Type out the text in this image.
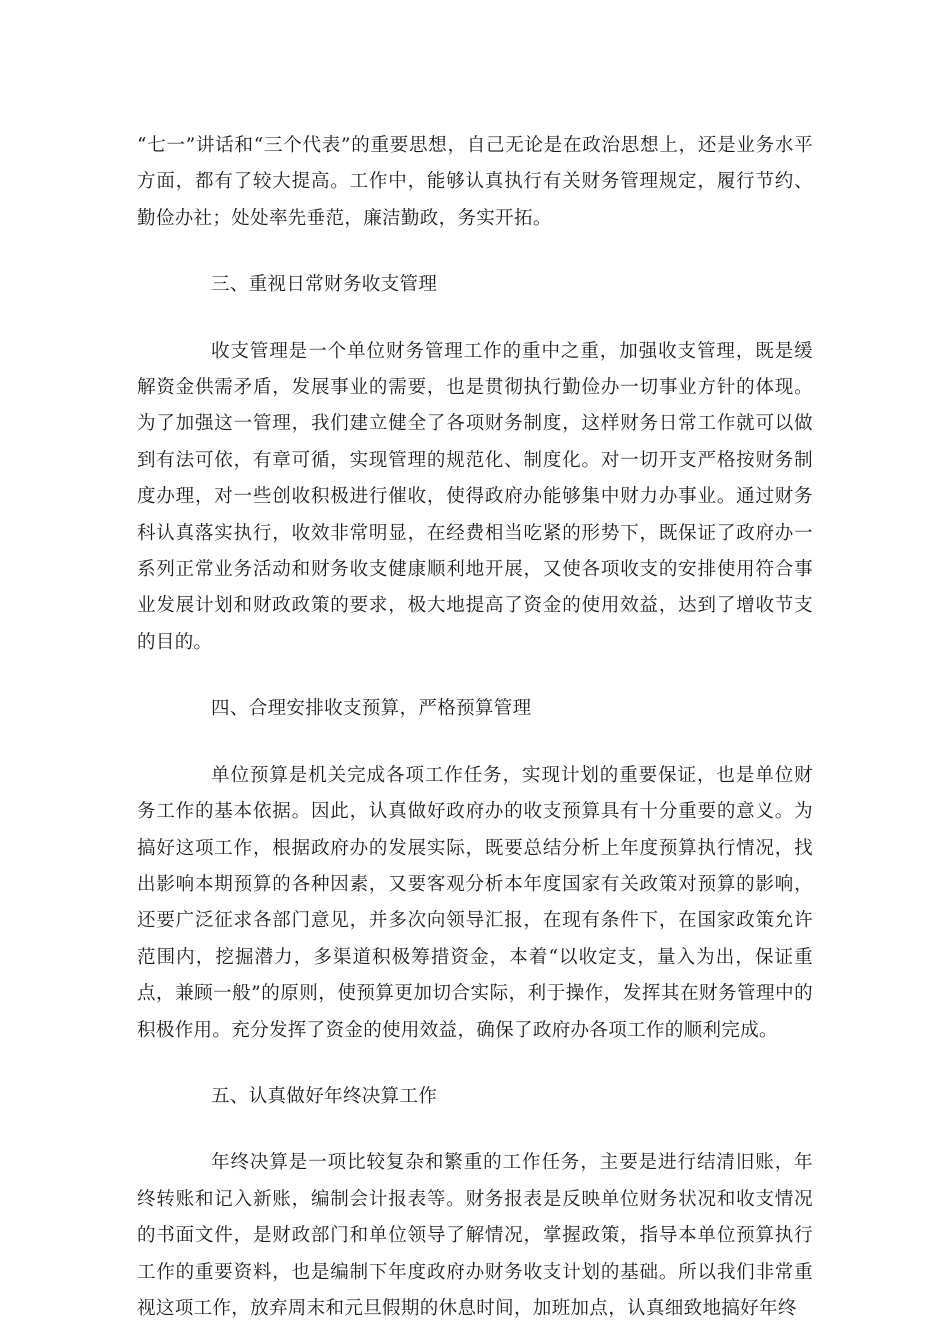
“七一”讲话和“三个代表”的重要思想，自己无论是在政治思想上，还是业务水平方面，都有了较大提高。工作中，能够认真执行有关财务管理规定，履行节约、勤俭办社；处处率先垂范，廉洁勤政，务实开拓。

三、重视日常财务收支管理

收支管理是一个单位财务管理工作的重中之重，加强收支管理，既是缓解资金供需矛盾，发展事业的需要，也是贯彻执行勤俭办一切事业方针的体现。为了加强这一管理，我们建立健全了各项财务制度，这样财务日常工作就可以做到有法可依，有章可循，实现管理的规范化、制度化。对一切开支严格按财务制度办理，对一些创收积极进行催收，使得政府办能够集中财力办事业。通过财务科认真落实执行，收效非常明显，在经费相当吃紧的形势下，既保证了政府办一系列正常业务活动和财务收支健康顺利地开展，又使各项收支的安排使用符合事业发展计划和财政政策的要求，极大地提高了资金的使用效益，达到了增收节支的目的。

四、合理安排收支预算，严格预算管理

单位预算是机关完成各项工作任务，实现计划的重要保证，也是单位财务工作的基本依据。因此，认真做好政府办的收支预算具有十分重要的意义。为搞好这项工作，根据政府办的发展实际，既要总结分析上年度预算执行情况，找出影响本期预算的各种因素，又要客观分析本年度国家有关政策对预算的影响，还要广泛征求各部门意见，并多次向领导汇报，在现有条件下，在国家政策允许范围内，挖掘潜力，多渠道积极筹措资金，本着“以收定支，量入为出，保证重点，兼顾一般”的原则，使预算更加切合实际，利于操作，发挥其在财务管理中的积极作用。充分发挥了资金的使用效益，确保了政府办各项工作的顺利完成。

五、认真做好年终决算工作

年终决算是一项比较复杂和繁重的工作任务，主要是进行结清旧账，年终转账和记入新账，编制会计报表等。财务报表是反映单位财务状况和收支情况的书面文件，是财政部门和单位领导了解情况，掌握政策，指导本单位预算执行工作的重要资料，也是编制下年度政府办财务收支计划的基础。所以我们非常重视这项工作，放弃周末和元旦假期的休息时间，加班加点，认真细致地搞好年终
